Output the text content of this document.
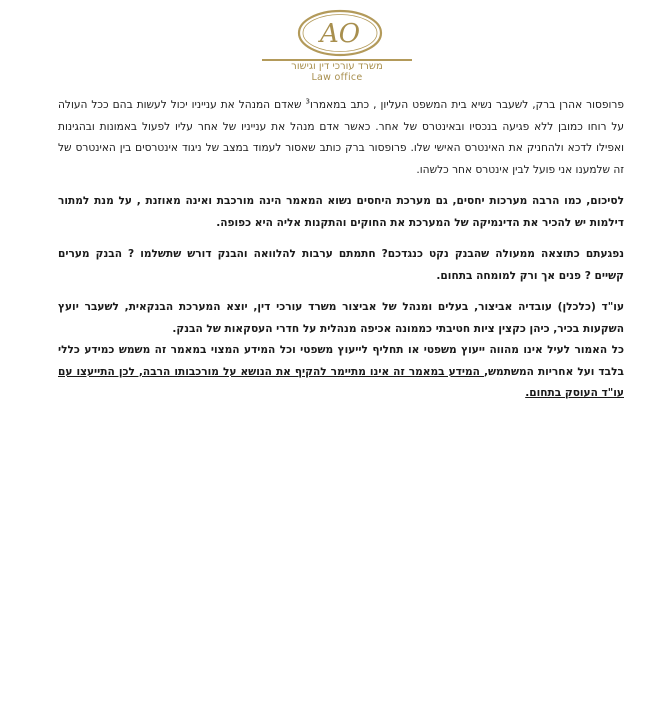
AO
משרד עורכי דין וגישור
Law office

פרופסור אהרן ברק, לשעבר נשיא בית המשפט העליון , כתב במאמרו$^3$ שאדם המנהל את ענייניו יכול לעשות בהם ככל העולה על רוחו כמובן ללא פגיעה בנכסיו ובאינטרס של אחר. כאשר אדם מנהל את ענייניו של אחר עליו לפעול באמונות ובהגינות ואפילו לדכא ולהחניק את האינטרס האישי שלו. פרופסור ברק כותב שאסור לעמוד במצב של ניגוד אינטרסים בין האינטרס של זה שלמענו אני פועל לבין אינטרס אחר כלשהו.

לסיכום, כמו הרבה מערכות יחסים, גם מערכת היחסים נשוא המאמר הינה מורכבת ואינה מאוזנת , על מנת למתור דילמות יש להכיר את הדינמיקה של המערכת את החוקים והתקנות אליה היא כפופה.

נפגעתם כתוצאה ממעולה שהבנק נקט כנגדכם? חתמתם ערבות להלוואה והבנק דורש שתשלמו ? הבנק מערים קשיים ? פנים אך ורק למומחה בתחום.

עו"ד (כלכלן) עובדיה אביצור, בעלים ומנהל של אביצור משרד עורכי דין, יוצא המערכת הבנקאית, לשעבר יועץ השקעות בכיר, כיהן כקצין ציות חטיבתי כממונה אכיפה מנהלית על חדרי העסקאות של הבנק.

כל האמור לעיל אינו מהווה ייעוץ משפטי או תחליף לייעוץ משפטי וכל המידע המצוי במאמר זה משמש כמידע כללי בלבד ועל אחריות המשתמש, המידע במאמר זה אינו מתיימר להקיף את הנושא על מורכבותו הרבה, לכן התייעצו עם עו"ד העוסק בתחום.
